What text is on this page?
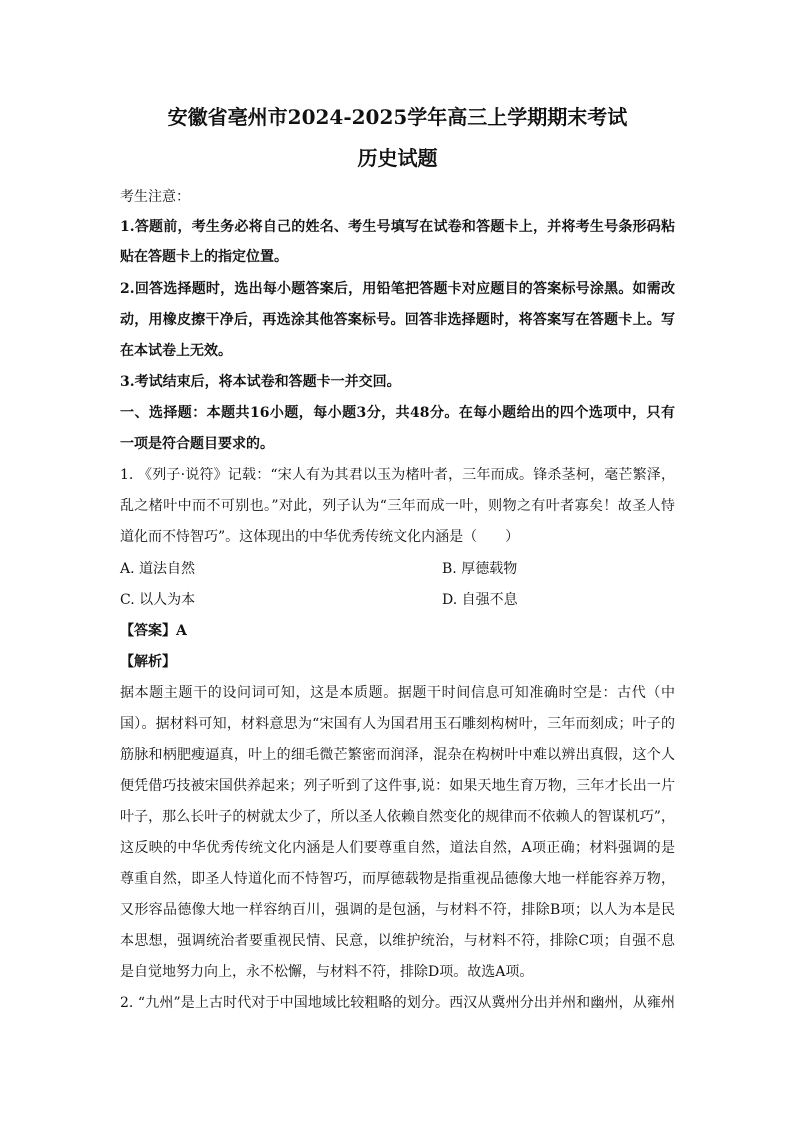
安徽省亳州市2024-2025学年高三上学期期末考试
历史试题
考生注意：
1.答题前，考生务必将自己的姓名、考生号填写在试卷和答题卡上，并将考生号条形码粘
贴在答题卡上的指定位置。
2.回答选择题时，选出每小题答案后，用铅笔把答题卡对应题目的答案标号涂黑。如需改
动，用橡皮擦干净后，再选涂其他答案标号。回答非选择题时，将答案写在答题卡上。写
在本试卷上无效。
3.考试结束后，将本试卷和答题卡一并交回。
一、选择题：本题共16小题，每小题3分，共48分。在每小题给出的四个选项中，只有
一项是符合题目要求的。
1. 《列子·说符》记载：“宋人有为其君以玉为楮叶者，三年而成。锋杀茎柯，毫芒繁泽，
乱之楮叶中而不可别也。”对此，列子认为“三年而成一叶，则物之有叶者寡矣！故圣人恃
道化而不恃智巧”。这体现出的中华优秀传统文化内涵是（　　）
A. 道法自然	B. 厚德载物
C. 以人为本	D. 自强不息
【答案】A
【解析】
据本题主题干的设问词可知，这是本质题。据题干时间信息可知准确时空是：古代（中
国）。据材料可知，材料意思为“宋国有人为国君用玉石雕刻构树叶，三年而刻成；叶子的
筋脉和柄肥瘦逼真，叶上的细毛微芒繁密而润泽，混杂在构树叶中难以辨出真假，这个人
便凭借巧技被宋国供养起来；列子听到了这件事,说：如果天地生育万物，三年才长出一片
叶子，那么长叶子的树就太少了，所以圣人依赖自然变化的规律而不依赖人的智谋机巧”，
这反映的中华优秀传统文化内涵是人们要尊重自然，道法自然，A项正确；材料强调的是
尊重自然，即圣人恃道化而不恃智巧，而厚德载物是指重视品德像大地一样能容养万物，
又形容品德像大地一样容纳百川，强调的是包涵，与材料不符，排除B项；以人为本是民
本思想，强调统治者要重视民情、民意，以维护统治，与材料不符，排除C项；自强不息
是自觉地努力向上，永不松懈，与材料不符，排除D项。故选A项。
2. “九州”是上古时代对于中国地域比较粗略的划分。西汉从冀州分出并州和幽州，从雍州
